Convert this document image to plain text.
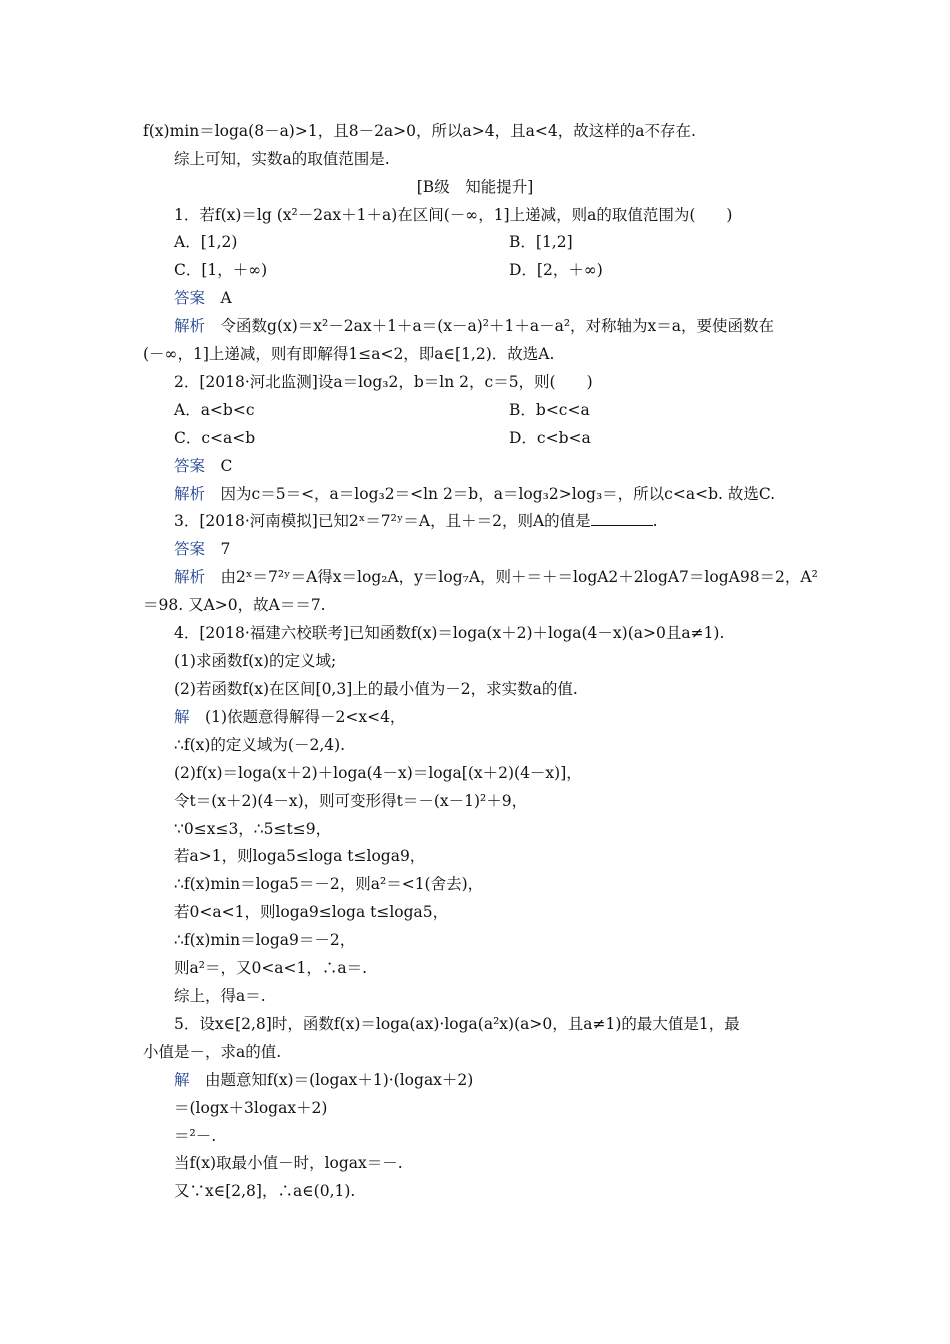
f(x)min＝loga(8－a)>1，且8－2a>0，所以a>4，且a<4，故这样的a不存在.
综上可知，实数a的取值范围是.
[B级　知能提升]
1．若f(x)＝lg (x²－2ax＋1＋a)在区间(－∞，1]上递减，则a的取值范围为(　　)
A．[1,2)	B．[1,2]
C．[1，＋∞)	D．[2，＋∞)
答案　 A
解析　 令函数g(x)＝x²－2ax＋1＋a＝(x－a)²＋1＋a－a²，对称轴为x＝a，要使函数在
(－∞，1]上递减，则有即解得1≤a<2，即a∈[1,2)．故选A.
2．[2018·河北监测]设a＝log₃2，b＝ln 2，c＝5，则(　　)
A．a<b<c	B．b<c<a
C．c<a<b	D．c<b<a
答案　 C
解析　 因为c＝5＝<，a＝log₃2＝<ln 2＝b，a＝log₃2>log₃＝，所以c<a<b. 故选C.
3．[2018·河南模拟]已知2ˣ＝7²ʸ＝A，且＋＝2，则A的值是	.
答案　 7
解析　 由2ˣ＝7²ʸ＝A得x＝log₂A，y＝log₇A，则＋＝＋＝logA2＋2logA7＝logA98＝2，A²
＝98. 又A>0，故A＝＝7.
4．[2018·福建六校联考]已知函数f(x)＝loga(x＋2)＋loga(4－x)(a>0且a≠1).
(1)求函数f(x)的定义域;
(2)若函数f(x)在区间[0,3]上的最小值为－2，求实数a的值.
解　 (1)依题意得解得－2<x<4，
∴f(x)的定义域为(－2,4).
(2)f(x)＝loga(x＋2)＋loga(4－x)＝loga[(x＋2)(4－x)]，
令t＝(x＋2)(4－x)，则可变形得t＝－(x－1)²＋9，
∵0≤x≤3，∴5≤t≤9，
若a>1，则loga5≤loga t≤loga9，
∴f(x)min＝loga5＝－2，则a²＝<1(舍去)，
若0<a<1，则loga9≤loga t≤loga5，
∴f(x)min＝loga9＝－2，
则a²＝，又0<a<1，∴a＝.
综上，得a＝.
5．设x∈[2,8]时，函数f(x)＝loga(ax)·loga(a²x)(a>0，且a≠1)的最大值是1，最
小值是－，求a的值.
解　 由题意知f(x)＝(logax＋1)·(logax＋2)
＝(logx＋3logax＋2)
＝²－.
当f(x)取最小值－时，logax＝－.
又∵x∈[2,8]，∴a∈(0,1).
